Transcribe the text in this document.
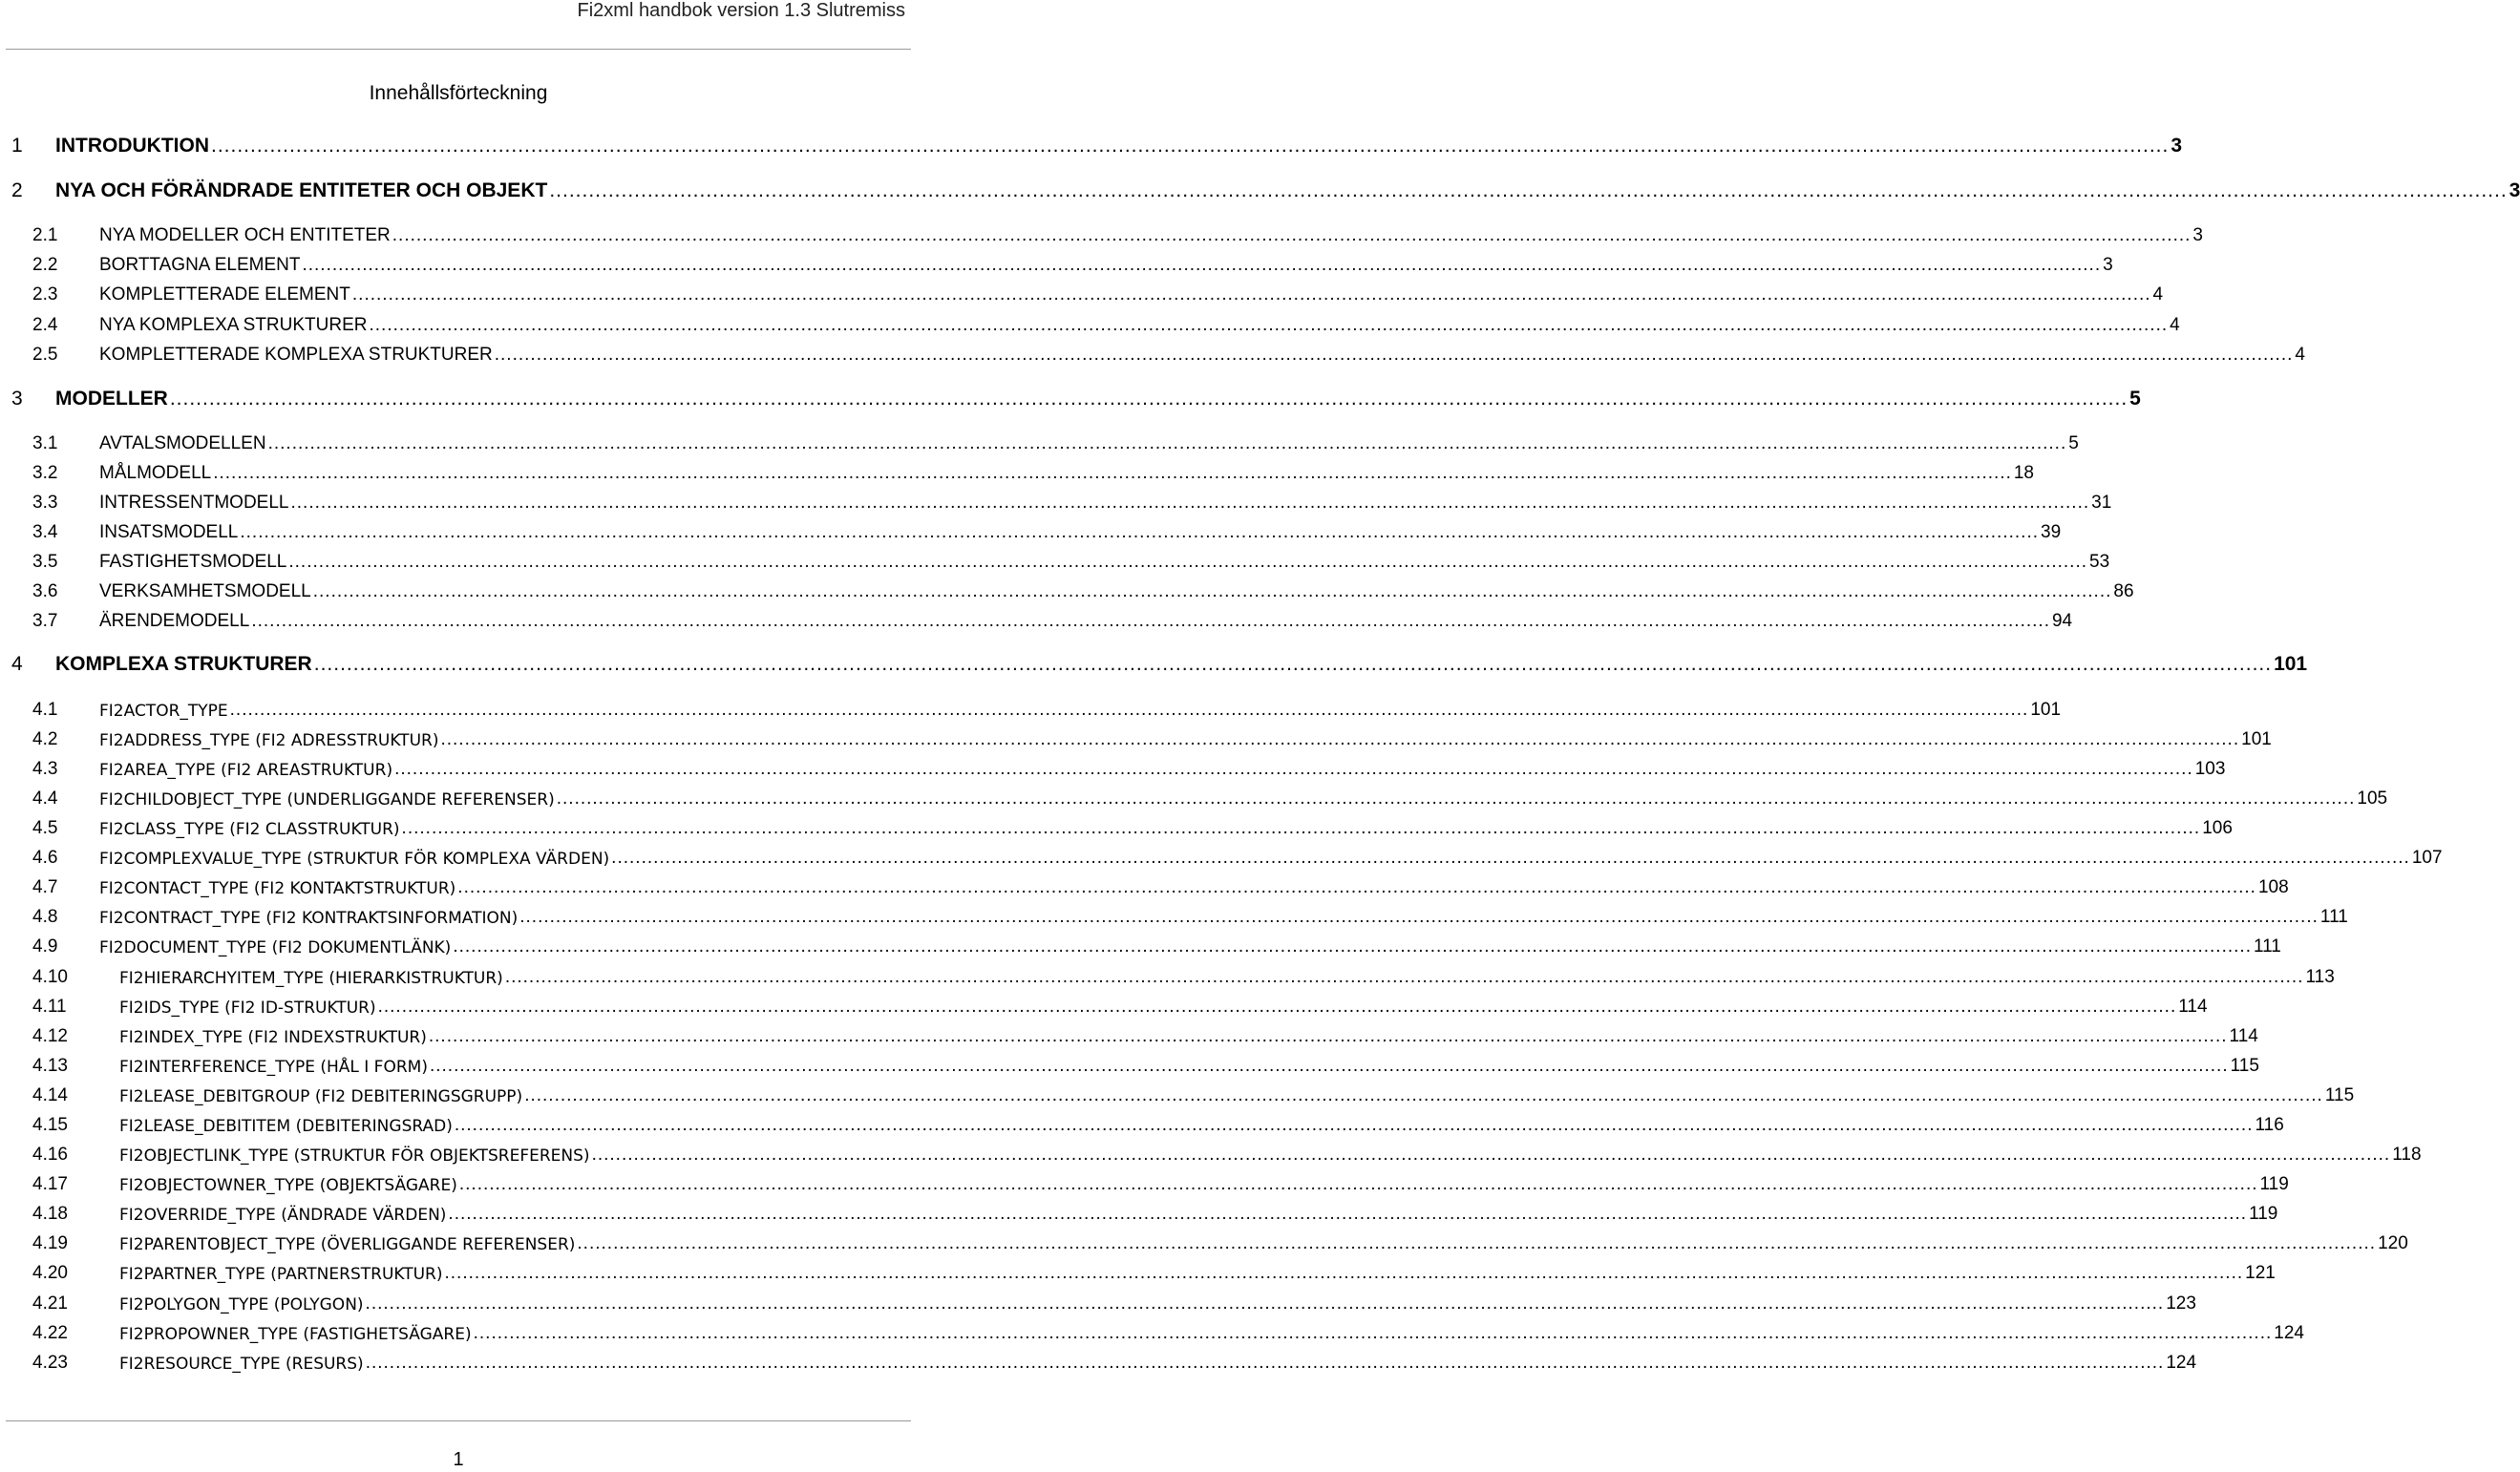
Fi2xml handbok version 1.3 Slutremiss
Innehållsförteckning
1 INTRODUKTION ............................................................................................................................................................................................................................................................................................................ 3
2 NYA OCH FÖRÄNDRADE ENTITETER OCH OBJEKT ............................................................................................................................................................................................................................................................................................................ 3
2.1 NYA MODELLER OCH ENTITETER ............................................................................................................................................................................................................................................................................................................ 3
2.2 BORTTAGNA ELEMENT ............................................................................................................................................................................................................................................................................................................ 3
2.3 KOMPLETTERADE ELEMENT ............................................................................................................................................................................................................................................................................................................ 4
2.4 NYA KOMPLEXA STRUKTURER ............................................................................................................................................................................................................................................................................................................ 4
2.5 KOMPLETTERADE KOMPLEXA STRUKTURER ............................................................................................................................................................................................................................................................................................................ 4
3 MODELLER ............................................................................................................................................................................................................................................................................................................ 5
3.1 AVTALSMODELLEN ............................................................................................................................................................................................................................................................................................................ 5
3.2 MÅLMODELL ............................................................................................................................................................................................................................................................................................................ 18
3.3 INTRESSENTMODELL ............................................................................................................................................................................................................................................................................................................ 31
3.4 INSATSMODELL ............................................................................................................................................................................................................................................................................................................ 39
3.5 FASTIGHETSMODELL ............................................................................................................................................................................................................................................................................................................ 53
3.6 VERKSAMHETSMODELL ............................................................................................................................................................................................................................................................................................................ 86
3.7 ÄRENDEMODELL ............................................................................................................................................................................................................................................................................................................ 94
4 KOMPLEXA STRUKTURER ............................................................................................................................................................................................................................................................................................................ 101
4.1	FI2ACTOR_TYPE ............................................................................................................................................................................................................................................................................................................ 101
4.2	FI2ADDRESS_TYPE (FI2 ADRESSTRUKTUR) ............................................................................................................................................................................................................................................................................................................ 101
4.3	FI2AREA_TYPE (FI2 AREASTRUKTUR) ............................................................................................................................................................................................................................................................................................................ 103
4.4	FI2CHILDOBJECT_TYPE (UNDERLIGGANDE REFERENSER) ............................................................................................................................................................................................................................................................................................................ 105
4.5	FI2CLASS_TYPE (FI2 CLASSTRUKTUR) ............................................................................................................................................................................................................................................................................................................ 106
4.6	FI2COMPLEXVALUE_TYPE (STRUKTUR FÖR KOMPLEXA VÄRDEN) ............................................................................................................................................................................................................................................................................................................ 107
4.7	FI2CONTACT_TYPE (FI2 KONTAKTSTRUKTUR) ............................................................................................................................................................................................................................................................................................................ 108
4.8	FI2CONTRACT_TYPE (FI2 KONTRAKTSINFORMATION) ............................................................................................................................................................................................................................................................................................................ 111
4.9	FI2DOCUMENT_TYPE (FI2 DOKUMENTLÄNK) ............................................................................................................................................................................................................................................................................................................ 111
4.10	FI2HIERARCHYITEM_TYPE (HIERARKISTRUKTUR) ............................................................................................................................................................................................................................................................................................................ 113
4.11	FI2IDS_TYPE (FI2 ID-STRUKTUR) ............................................................................................................................................................................................................................................................................................................ 114
4.12	FI2INDEX_TYPE (FI2 INDEXSTRUKTUR) ............................................................................................................................................................................................................................................................................................................ 114
4.13	FI2INTERFERENCE_TYPE (HÅL I FORM) ............................................................................................................................................................................................................................................................................................................ 115
4.14	FI2LEASE_DEBITGROUP (FI2 DEBITERINGSGRUPP) ............................................................................................................................................................................................................................................................................................................ 115
4.15	FI2LEASE_DEBITITEM (DEBITERINGSRAD) ............................................................................................................................................................................................................................................................................................................ 116
4.16	FI2OBJECTLINK_TYPE (STRUKTUR FÖR OBJEKTSREFERENS) ............................................................................................................................................................................................................................................................................................................ 118
4.17	FI2OBJECTOWNER_TYPE (OBJEKTSÄGARE) ............................................................................................................................................................................................................................................................................................................ 119
4.18	FI2OVERRIDE_TYPE (ÄNDRADE VÄRDEN) ............................................................................................................................................................................................................................................................................................................ 119
4.19	FI2PARENTOBJECT_TYPE (ÖVERLIGGANDE REFERENSER) ............................................................................................................................................................................................................................................................................................................ 120
4.20	FI2PARTNER_TYPE (PARTNERSTRUKTUR) ............................................................................................................................................................................................................................................................................................................ 121
4.21	FI2POLYGON_TYPE (POLYGON) ............................................................................................................................................................................................................................................................................................................ 123
4.22	FI2PROPOWNER_TYPE (FASTIGHETSÄGARE) ............................................................................................................................................................................................................................................................................................................ 124
4.23	FI2RESOURCE_TYPE (RESURS) ............................................................................................................................................................................................................................................................................................................ 124
1
